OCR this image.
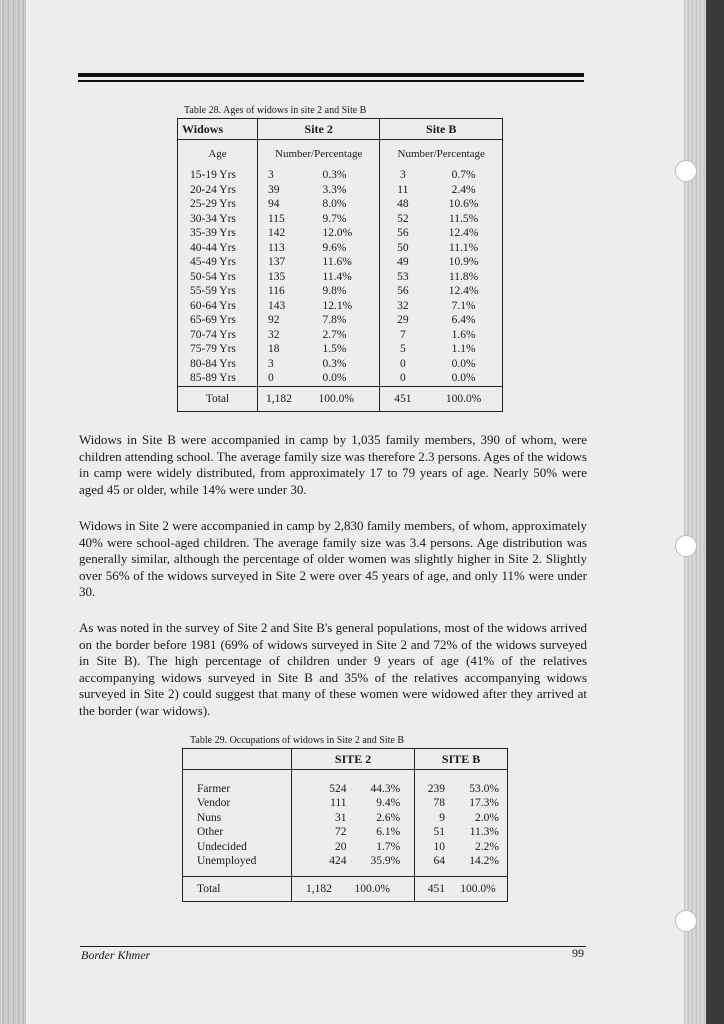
Table 28. Ages of widows in site 2 and Site B
Widows	Site 2		Site B	
Age	Number/Percentage		Number/Percentage	
15-19 Yrs	3	0.3%	3	0.7%
20-24 Yrs	39	3.3%	11	2.4%
25-29 Yrs	94	8.0%	48	10.6%
30-34 Yrs	115	9.7%	52	11.5%
35-39 Yrs	142	12.0%	56	12.4%
40-44 Yrs	113	9.6%	50	11.1%
45-49 Yrs	137	11.6%	49	10.9%
50-54 Yrs	135	11.4%	53	11.8%
55-59 Yrs	116	9.8%	56	12.4%
60-64 Yrs	143	12.1%	32	7.1%
65-69 Yrs	92	7.8%	29	6.4%
70-74 Yrs	32	2.7%	7	1.6%
75-79 Yrs	18	1.5%	5	1.1%
80-84 Yrs	3	0.3%	0	0.0%
85-89 Yrs	0	0.0%	0	0.0%
Total	1,182	100.0%	451	100.0%

Widows in Site B were accompanied in camp by 1,035 family members, 390 of whom, were children attending school. The average family size was therefore 2.3 persons. Ages of the widows in camp were widely distributed, from approximately 17 to 79 years of age. Nearly 50% were aged 45 or older, while 14% were under 30.

Widows in Site 2 were accompanied in camp by 2,830 family members, of whom, approximately 40% were school-aged children. The average family size was 3.4 persons. Age distribution was generally similar, although the percentage of older women was slightly higher in Site 2. Slightly over 56% of the widows surveyed in Site 2 were over 45 years of age, and only 11% were under 30.

As was noted in the survey of Site 2 and Site B's general populations, most of the widows arrived on the border before 1981 (69% of widows surveyed in Site 2 and 72% of the widows surveyed in Site B). The high percentage of children under 9 years of age (41% of the relatives accompanying widows surveyed in Site B and 35% of the relatives accompanying widows surveyed in Site 2) could suggest that many of these women were widowed after they arrived at the border (war widows).

Table 29. Occupations of widows in Site 2 and Site B
	SITE 2		SITE B	

Farmer	524	44.3%	239	53.0%
Vendor	111	9.4%	78	17.3%
Nuns	31	2.6%	9	2.0%
Other	72	6.1%	51	11.3%
Undecided	20	1.7%	10	2.2%
Unemployed	424	35.9%	64	14.2%

Total	1,182	100.0%	451	100.0%
Border Khmer	99
